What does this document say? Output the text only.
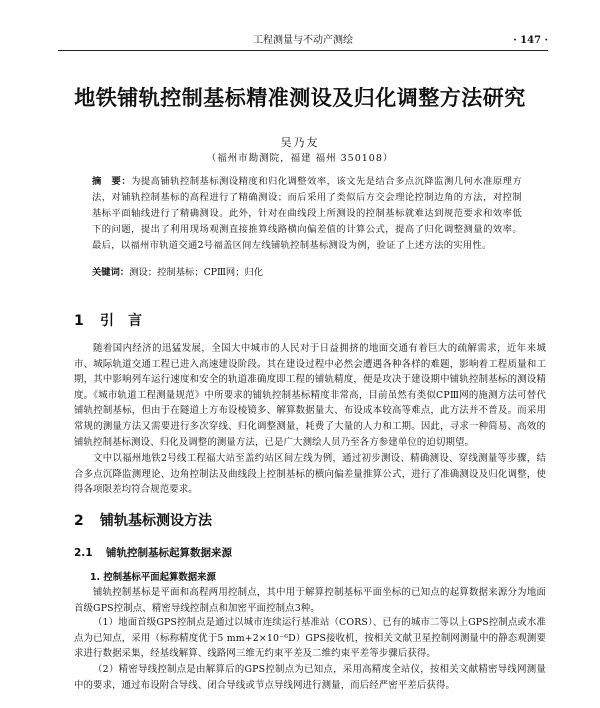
工程测量与不动产测绘	· 147 ·
地铁铺轨控制基标精准测设及归化调整方法研究
吴乃友
（福州市勘测院，福建 福州 350108）
摘　要：为提高铺轨控制基标测设精度和归化调整效率，该文先是结合多点沉降监测几何水准原理方法，对铺轨控制基标的高程进行了精确测设；而后采用了类似后方交会理论控制边角的方法，对控制基标平面轴线进行了精确测设。此外，针对在曲线段上所测设的控制基标就难达到规范要求和效率低下的问题，提出了利用现场观测直接推算线路横向偏差值的计算公式，提高了归化调整测量的效率。最后，以福州市轨道交通2号福盖区间左线铺轨控制基标测设为例，验证了上述方法的实用性。
关键词：测设；控制基标；CPⅢ网；归化
1 引　言
随着国内经济的迅猛发展，全国大中城市的人民对于日益拥挤的地面交通有着巨大的疏解需求，近年来城市、城际轨道交通工程已进入高速建设阶段。其在建设过程中必然会遭遇各种各样的难题，影响着工程质量和工期，其中影响列车运行速度和安全的轨道准确度即工程的铺轨精度，便是攻决于建设期中铺轨控制基标的测设精度。《城市轨道工程测量规范》中所要求的铺轨控制基标精度非常高，目前虽然有类似CPⅢ网的施测方法可替代铺轨控制基标，但由于在隧道上方布设棱镜多、解算数据量大、布设成本较高等难点，此方法并不普及。而采用常规的测量方法又需要进行多次穿线、归化调整测量，耗费了大量的人力和工期。因此，寻求一种简易、高效的铺轨控制基标测设、归化及调整的测量方法，已是广大测绘人员乃至各方参建单位的迫切期望。
文中以福州地铁2号线工程福大站至盖约站区间左线为例，通过初步测设、精确测设、穿线测量等步骤，结合多点沉降监测理论、边角控制法及曲线段上控制基标的横向偏差量推算公式，进行了准确测设及归化调整，使得各项限差均符合规范要求。
2 铺轨基标测设方法
2.1 铺轨控制基标起算数据来源
1. 控制基标平面起算数据来源
铺轨控制基标是平面和高程两用控制点，其中用于解算控制基标平面坐标的已知点的起算数据来源分为地面首级GPS控制点、精密导线控制点和加密平面控制点3种。
（1）地面首级GPS控制点是通过以城市连续运行基准站（CORS）、已有的城市二等以上GPS控制点或水准点为已知点，采用（标称精度优于5 mm+2×10⁻⁶D）GPS接收机，按相关文献卫星控制网测量中的静态观测要求进行数据采集，经基线解算、线路网三维无约束平差及二维约束平差等步骤后获得。
（2）精密导线控制点是由解算后的GPS控制点为已知点，采用高精度全站仪，按相关文献精密导线网测量中的要求，通过布设附合导线、闭合导线或节点导线网进行测量，而后经严密平差后获得。
